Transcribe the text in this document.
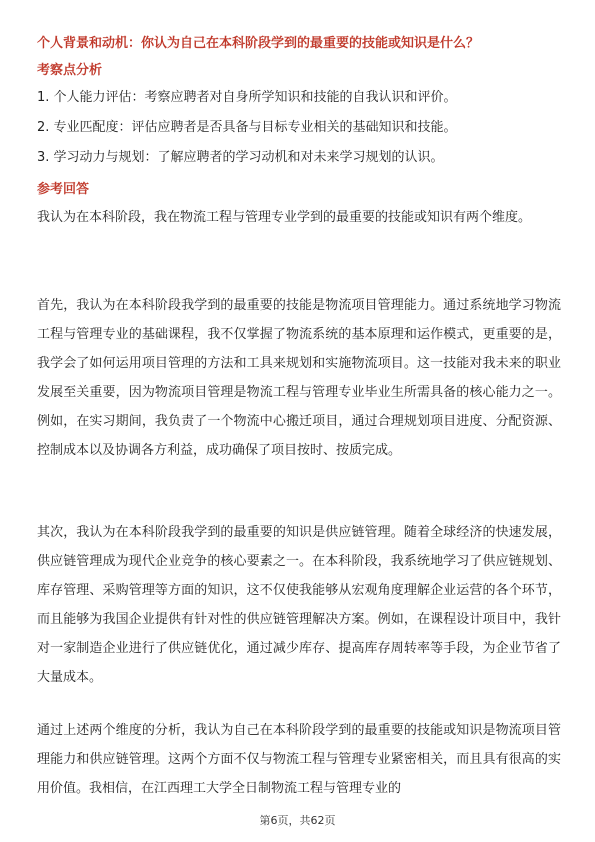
个人背景和动机：你认为自己在本科阶段学到的最重要的技能或知识是什么？
考察点分析
1. 个人能力评估：考察应聘者对自身所学知识和技能的自我认识和评价。
2. 专业匹配度：评估应聘者是否具备与目标专业相关的基础知识和技能。
3. 学习动力与规划：了解应聘者的学习动机和对未来学习规划的认识。
参考回答

我认为在本科阶段，我在物流工程与管理专业学到的最重要的技能或知识有两个维度。

首先，我认为在本科阶段我学到的最重要的技能是物流项目管理能力。通过系统地学习物流工程与管理专业的基础课程，我不仅掌握了物流系统的基本原理和运作模式，更重要的是，我学会了如何运用项目管理的方法和工具来规划和实施物流项目。这一技能对我未来的职业发展至关重要，因为物流项目管理是物流工程与管理专业毕业生所需具备的核心能力之一。例如，在实习期间，我负责了一个物流中心搬迁项目，通过合理规划项目进度、分配资源、控制成本以及协调各方利益，成功确保了项目按时、按质完成。

其次，我认为在本科阶段我学到的最重要的知识是供应链管理。随着全球经济的快速发展，供应链管理成为现代企业竞争的核心要素之一。在本科阶段，我系统地学习了供应链规划、库存管理、采购管理等方面的知识，这不仅使我能够从宏观角度理解企业运营的各个环节，而且能够为我国企业提供有针对性的供应链管理解决方案。例如，在课程设计项目中，我针对一家制造企业进行了供应链优化，通过减少库存、提高库存周转率等手段，为企业节省了大量成本。

通过上述两个维度的分析，我认为自己在本科阶段学到的最重要的技能或知识是物流项目管理能力和供应链管理。这两个方面不仅与物流工程与管理专业紧密相关，而且具有很高的实用价值。我相信，在江西理工大学全日制物流工程与管理专业的

第6页，共62页
